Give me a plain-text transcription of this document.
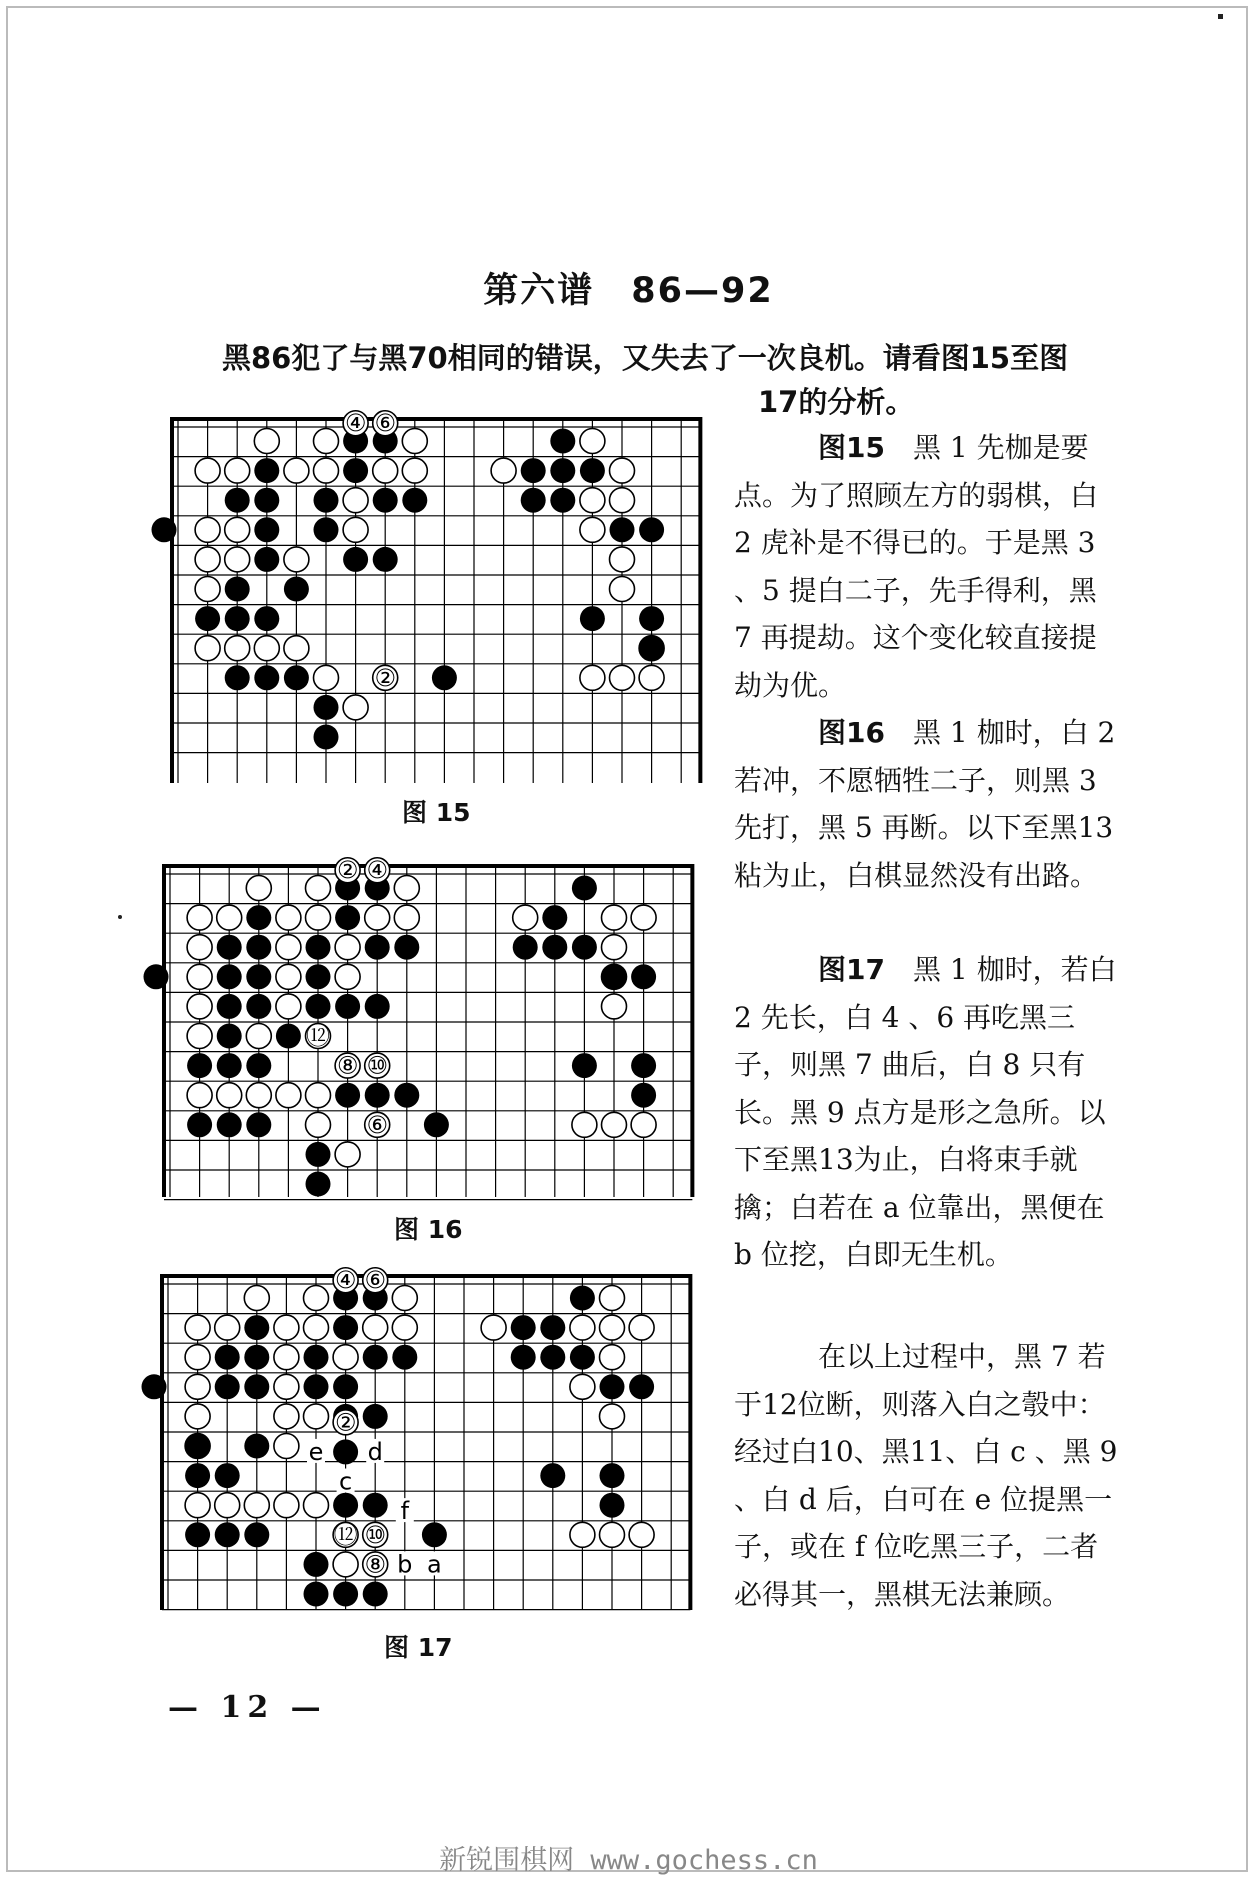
第六谱　86—92
黑86犯了与黑70相同的错误，又失去了一次良机。请看图15至图
17的分析。
④ ⑥
②
图 15
② ④
⑫
⑧ ⑩
⑥
图 16
④ ⑥
②
⑫ ⑩
⑧
e d
c
f
b a
图 17
图15　 黑 1 先枷是要点。为了照顾左方的弱棋，白 2 虎补是不得已的。于是黑 3 、5 提白二子，先手得利，黑 7 再提劫。这个变化较直接提劫为优。
图16　 黑 1 枷时，白 2 若冲，不愿牺牲二子，则黑 3 先打，黑 5 再断。以下至黑13粘为止，白棋显然没有出路。
图17　 黑 1 枷时，若白 2 先长，白 4 、6 再吃黑三子，则黑 7 曲后，白 8 只有长。黑 9 点方是形之急所。以下至黑13为止，白将束手就擒；白若在 a 位靠出，黑便在 b 位挖，白即无生机。
在以上过程中，黑 7 若于12位断，则落入白之彀中：经过白10、黑11、白 c 、黑 9 、白 d 后，白可在 e 位提黑一子，或在 f 位吃黑三子，二者必得其一，黑棋无法兼顾。
— 12 —
新锐围棋网 www.gochess.cn
